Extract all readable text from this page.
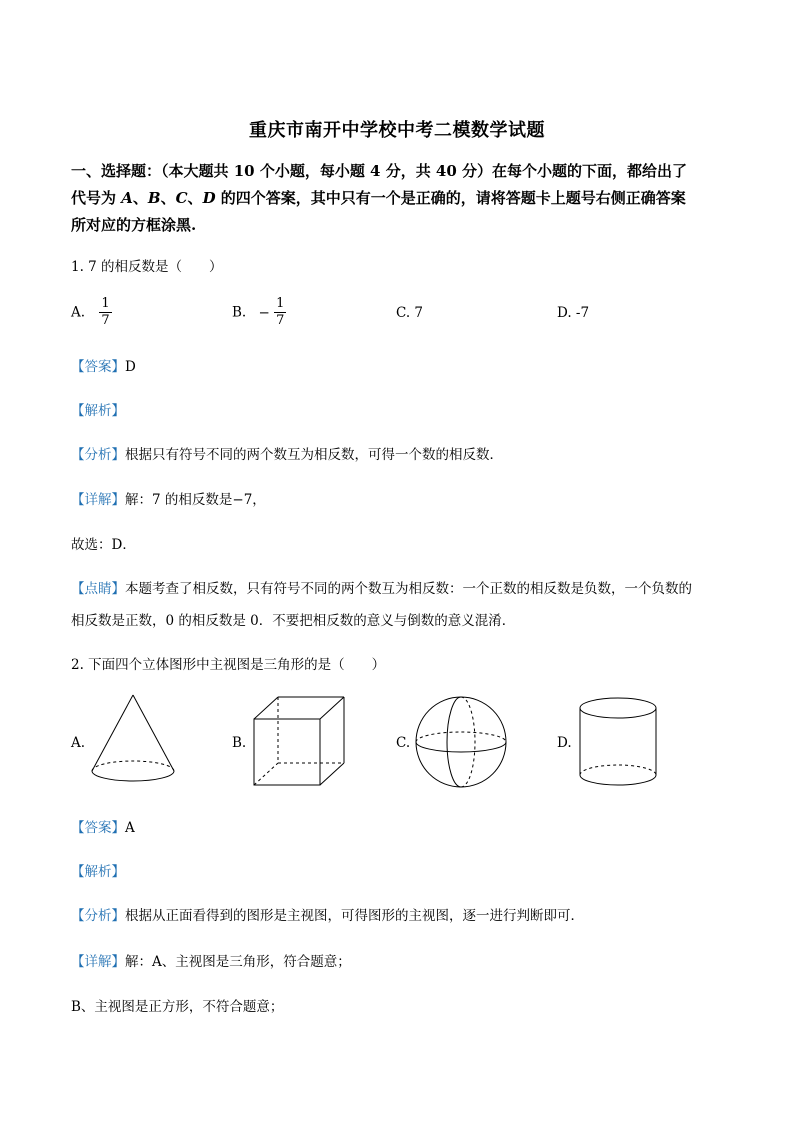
重庆市南开中学校中考二模数学试题
一、选择题：（本大题共 10 个小题，每小题 4 分，共 40 分）在每个小题的下面，都给出了
代号为 A、B、C、D 的四个答案，其中只有一个是正确的，请将答题卡上题号右侧正确答案
所对应的方框涂黑.
1. 7 的相反数是（　　）
A. $\frac{1}{7}$	B. − $\frac{1}{7}$	C. 7	D. -7
【答案】D
【解析】
【分析】根据只有符号不同的两个数互为相反数，可得一个数的相反数．
【详解】解：7 的相反数是−7，
故选：D．
【点睛】本题考查了相反数，只有符号不同的两个数互为相反数：一个正数的相反数是负数，一个负数的
相反数是正数，0 的相反数是 0．不要把相反数的意义与倒数的意义混淆．
2. 下面四个立体图形中主视图是三角形的是（　　）
A.	B.	C.	D.
【答案】A
【解析】
【分析】根据从正面看得到的图形是主视图，可得图形的主视图，逐一进行判断即可．
【详解】解：A、主视图是三角形，符合题意；
B、主视图是正方形，不符合题意；
